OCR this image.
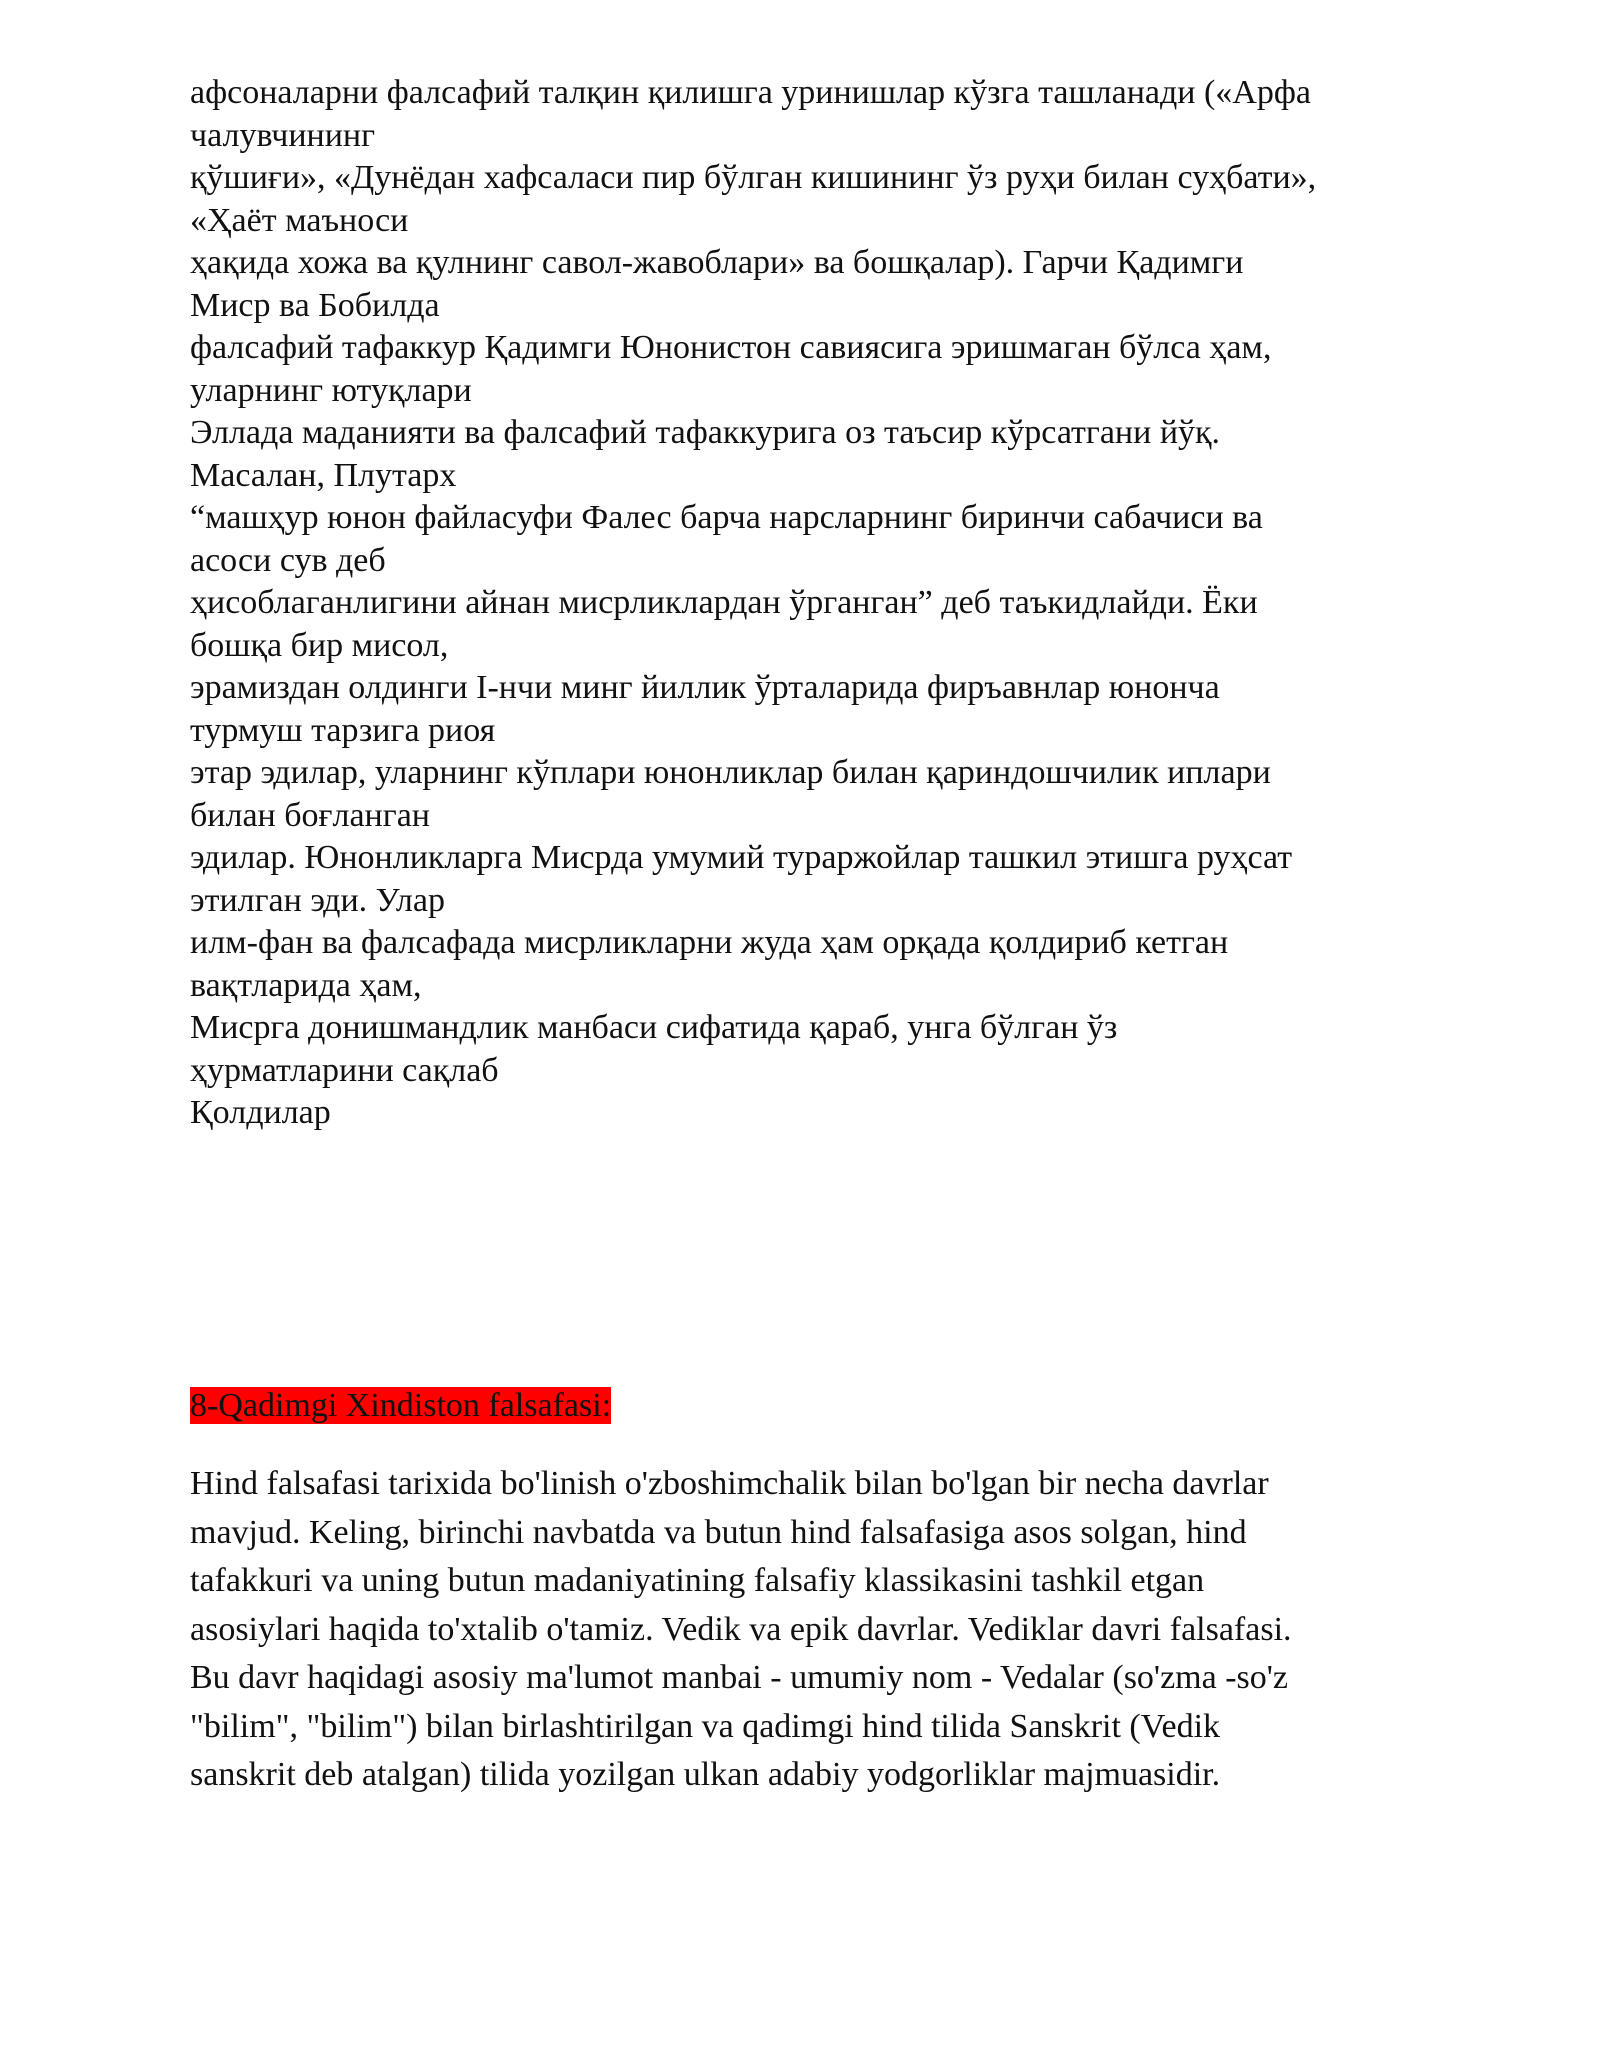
афсоналарни фалсафий талқин қилишга уринишлар кўзга ташланади («Арфа
чалувчининг
қўшиғи», «Дунёдан хафсаласи пир бўлган кишининг ўз руҳи билан суҳбати»,
«Ҳаёт маъноси
ҳақида хожа ва қулнинг савол-жавоблари» ва бошқалар). Гарчи Қадимги
Миср ва Бобилда
фалсафий тафаккур Қадимги Юнонистон савиясига эришмаган бўлса ҳам,
уларнинг ютуқлари
Эллада маданияти ва фалсафий тафаккурига оз таъсир кўрсатгани йўқ.
Масалан, Плутарх
“машҳур юнон файласуфи Фалес барча нарсларнинг биринчи сабачиси ва
асоси сув деб
ҳисоблаганлигини айнан мисрликлардан ўрганган” деб таъкидлайди. Ёки
бошқа бир мисол,
эрамиздан олдинги I-нчи минг йиллик ўрталарида фиръавнлар юнонча
турмуш тарзига риоя
этар эдилар, уларнинг кўплари юнонликлар билан қариндошчилик иплари
билан боғланган
эдилар. Юнонликларга Мисрда умумий тураржойлар ташкил этишга руҳсат
этилган эди. Улар
илм-фан ва фалсафада мисрликларни жуда ҳам орқада қолдириб кетган
вақтларида ҳам,
Мисрга донишмандлик манбаси сифатида қараб, унга бўлган ўз
ҳурматларини сақлаб
Қолдилар
8-Qadimgi Xindiston falsafasi:
Hind falsafasi tarixida bo'linish o'zboshimchalik bilan bo'lgan bir necha davrlar
mavjud. Keling, birinchi navbatda va butun hind falsafasiga asos solgan, hind
tafakkuri va uning butun madaniyatining falsafiy klassikasini tashkil etgan
asosiylari haqida to'xtalib o'tamiz. Vedik va epik davrlar. Vediklar davri falsafasi.
Bu davr haqidagi asosiy ma'lumot manbai - umumiy nom - Vedalar (so'zma -so'z
"bilim", "bilim") bilan birlashtirilgan va qadimgi hind tilida Sanskrit (Vedik
sanskrit deb atalgan) tilida yozilgan ulkan adabiy yodgorliklar majmuasidir.
